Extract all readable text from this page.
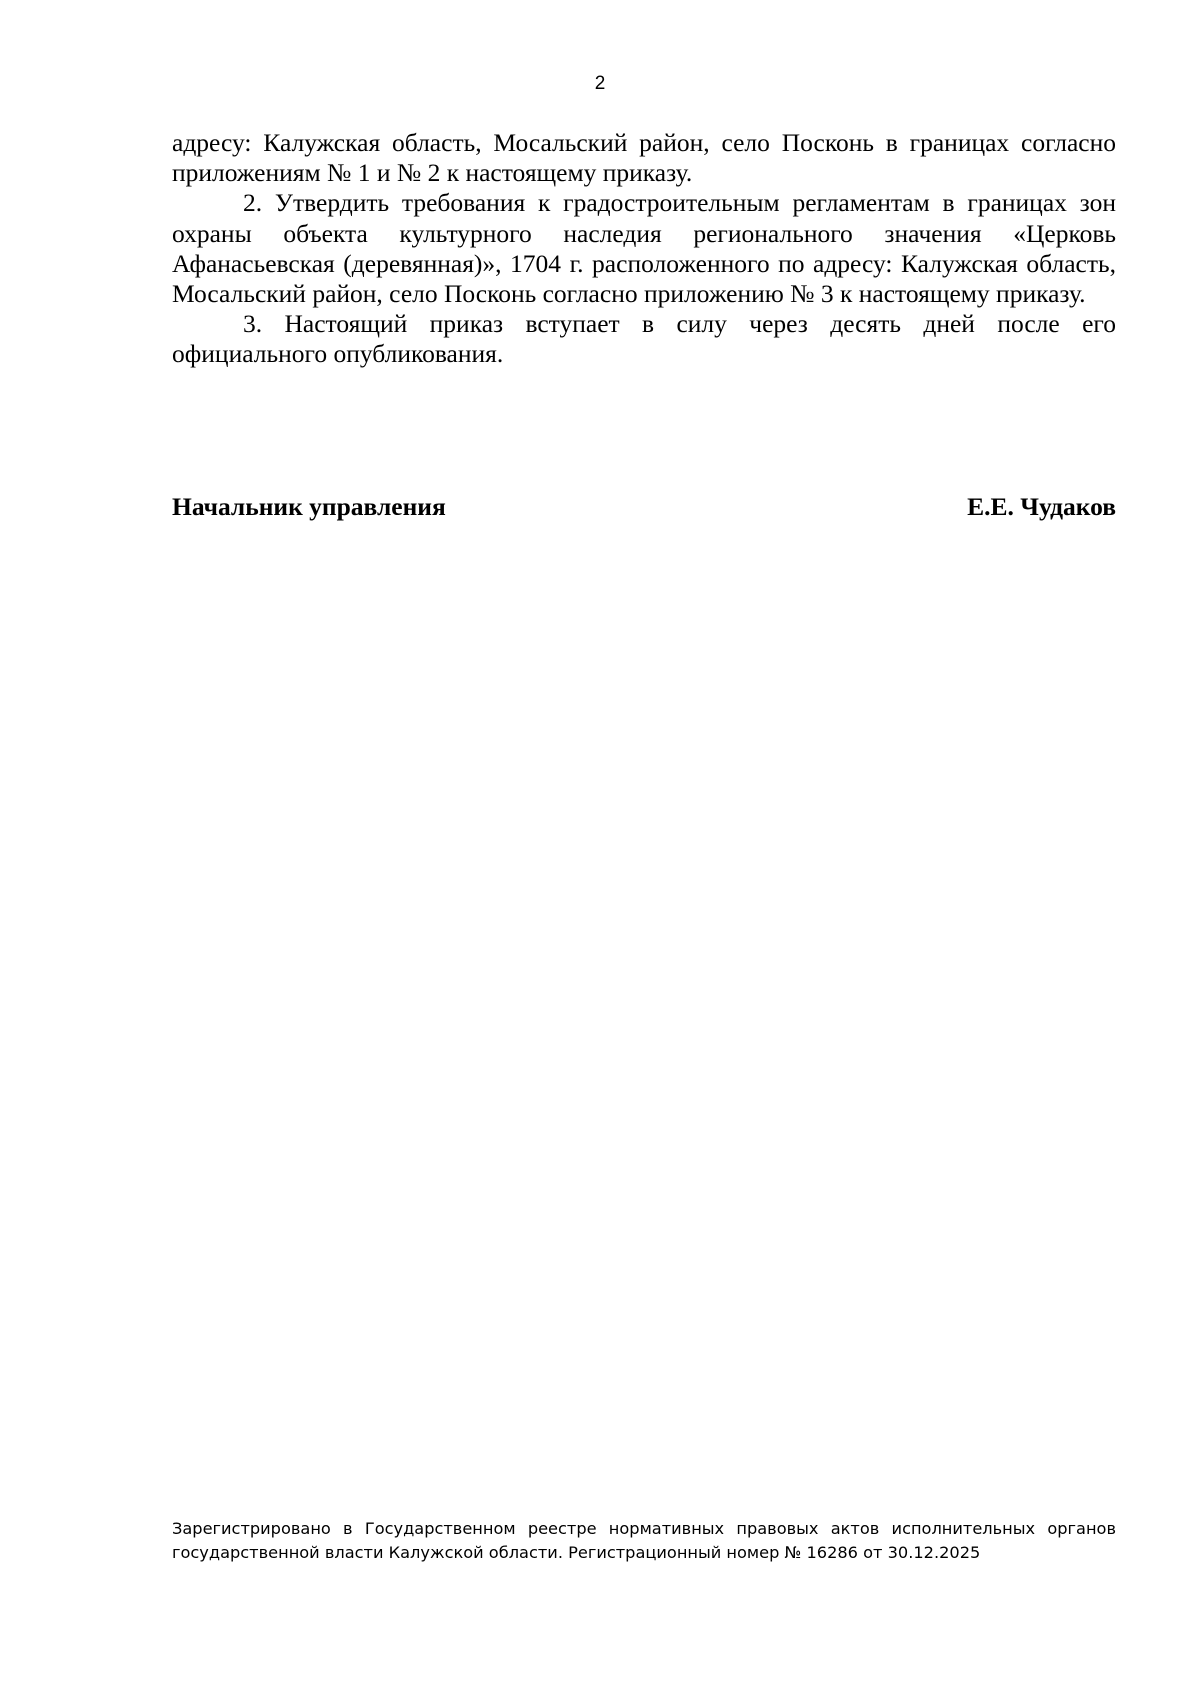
2

адресу: Калужская область, Мосальский район, село Посконь в границах согласно приложениям № 1 и № 2 к настоящему приказу.

2. Утвердить требования к градостроительным регламентам в границах зон охраны объекта культурного наследия регионального значения «Церковь Афанасьевская (деревянная)», 1704 г. расположенного по адресу: Калужская область, Мосальский район, село Посконь согласно приложению № 3 к настоящему приказу.

3. Настоящий приказ вступает в силу через десять дней после его официального опубликования.

Начальник управления	Е.Е. Чудаков

Зарегистрировано в Государственном реестре нормативных правовых актов исполнительных органов государственной власти Калужской области. Регистрационный номер № 16286 от 30.12.2025
